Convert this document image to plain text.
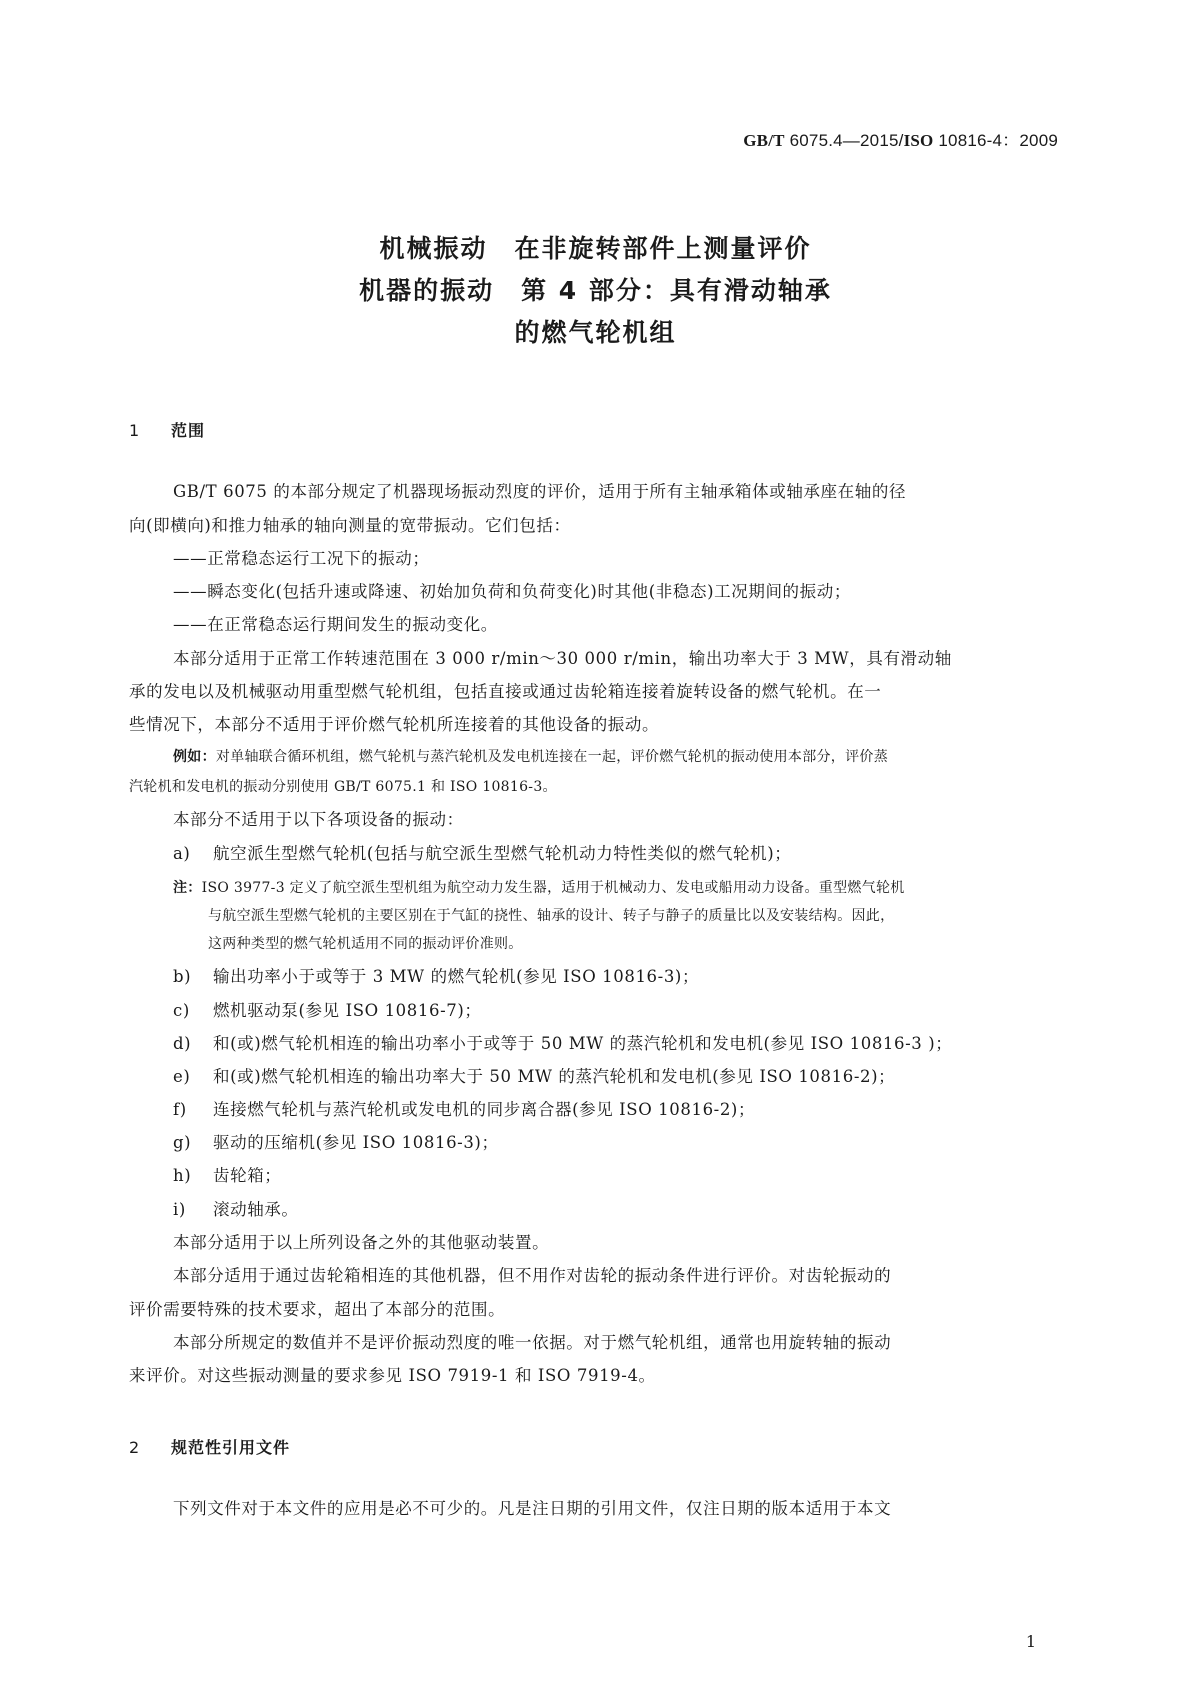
GB/T 6075.4—2015/ISO 10816-4：2009
机械振动　在非旋转部件上测量评价
机器的振动　第 4 部分：具有滑动轴承
的燃气轮机组
1 范围
GB/T 6075 的本部分规定了机器现场振动烈度的评价，适用于所有主轴承箱体或轴承座在轴的径
向(即横向)和推力轴承的轴向测量的宽带振动。它们包括：
——正常稳态运行工况下的振动；
——瞬态变化(包括升速或降速、初始加负荷和负荷变化)时其他(非稳态)工况期间的振动；
——在正常稳态运行期间发生的振动变化。
本部分适用于正常工作转速范围在 3 000 r/min～30 000 r/min，输出功率大于 3 MW，具有滑动轴
承的发电以及机械驱动用重型燃气轮机组，包括直接或通过齿轮箱连接着旋转设备的燃气轮机。在一
些情况下，本部分不适用于评价燃气轮机所连接着的其他设备的振动。
例如：对单轴联合循环机组，燃气轮机与蒸汽轮机及发电机连接在一起，评价燃气轮机的振动使用本部分，评价蒸
汽轮机和发电机的振动分别使用 GB/T 6075.1 和 ISO 10816-3。
本部分不适用于以下各项设备的振动：
a) 航空派生型燃气轮机(包括与航空派生型燃气轮机动力特性类似的燃气轮机)；
注：ISO 3977-3 定义了航空派生型机组为航空动力发生器，适用于机械动力、发电或船用动力设备。重型燃气轮机
与航空派生型燃气轮机的主要区别在于气缸的挠性、轴承的设计、转子与静子的质量比以及安装结构。因此，
这两种类型的燃气轮机适用不同的振动评价准则。
b) 输出功率小于或等于 3 MW 的燃气轮机(参见 ISO 10816-3)；
c) 燃机驱动泵(参见 ISO 10816-7)；
d) 和(或)燃气轮机相连的输出功率小于或等于 50 MW 的蒸汽轮机和发电机(参见 ISO 10816-3 )；
e) 和(或)燃气轮机相连的输出功率大于 50 MW 的蒸汽轮机和发电机(参见 ISO 10816-2)；
f) 连接燃气轮机与蒸汽轮机或发电机的同步离合器(参见 ISO 10816-2)；
g) 驱动的压缩机(参见 ISO 10816-3)；
h) 齿轮箱；
i) 滚动轴承。
本部分适用于以上所列设备之外的其他驱动装置。
本部分适用于通过齿轮箱相连的其他机器，但不用作对齿轮的振动条件进行评价。对齿轮振动的
评价需要特殊的技术要求，超出了本部分的范围。
本部分所规定的数值并不是评价振动烈度的唯一依据。对于燃气轮机组，通常也用旋转轴的振动
来评价。对这些振动测量的要求参见 ISO 7919-1 和 ISO 7919-4。
2 规范性引用文件
下列文件对于本文件的应用是必不可少的。凡是注日期的引用文件，仅注日期的版本适用于本文
1
